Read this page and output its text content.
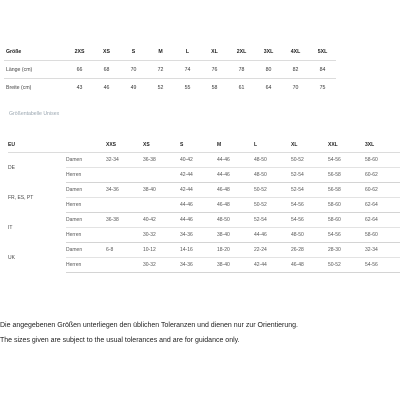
Größe	2XS	XS	S	M	L	XL	2XL	3XL	4XL	5XL
Länge (cm)	66	68	70	72	74	76	78	80	82	84
Breite (cm)	43	46	49	52	55	58	61	64	70	75
Größentabelle Unisex
EU		XXS	XS	S	M	L	XL	XXL	3XL
DE	Damen	32-34	36-38	40-42	44-46	48-50	50-52	54-56	58-60
	Herren			42-44	44-46	48-50	52-54	56-58	60-62
FR, ES, PT	Damen	34-36	38-40	42-44	46-48	50-52	52-54	56-58	60-62
	Herren			44-46	46-48	50-52	54-56	58-60	62-64
IT	Damen	36-38	40-42	44-46	48-50	52-54	54-56	58-60	62-64
	Herren		30-32	34-36	38-40	44-46	48-50	54-56	58-60
UK	Damen	6-8	10-12	14-16	18-20	22-24	26-28	28-30	32-34
	Herren		30-32	34-36	38-40	42-44	46-48	50-52	54-56

Die angegebenen Größen unterliegen den üblichen Toleranzen und dienen nur zur Orientierung.

The sizes given are subject to the usual tolerances and are for guidance only.
